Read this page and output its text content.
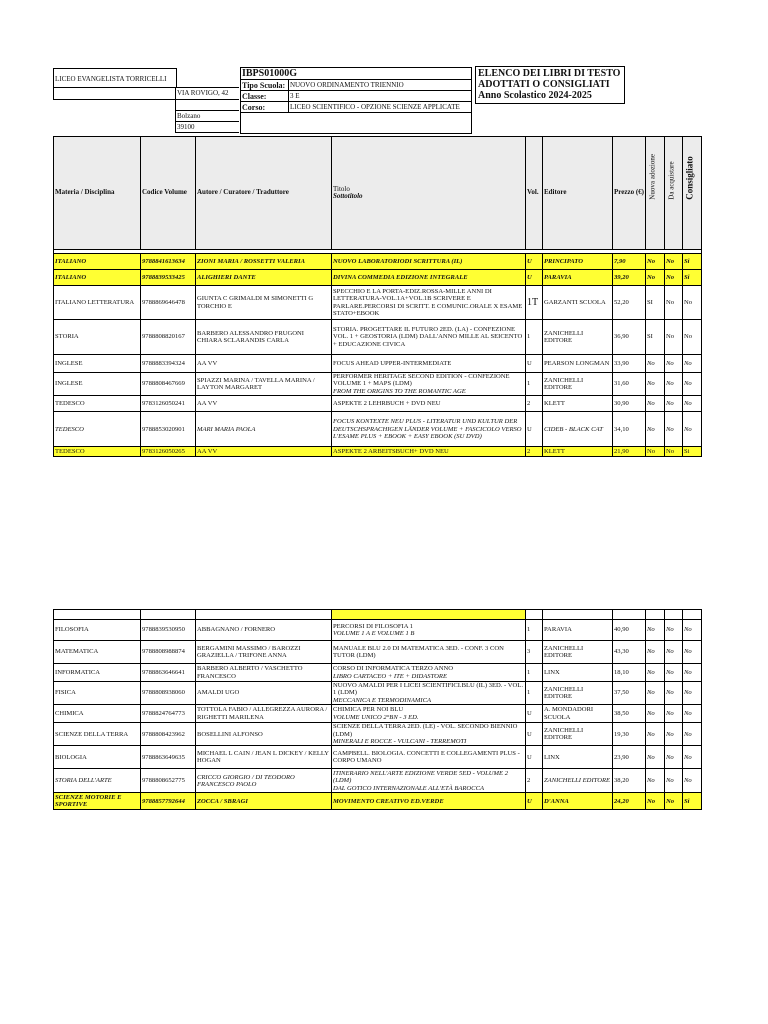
LICEO EVANGELISTA TORRICELLI
VIA ROVIGO, 42
Bolzano
39100
IBPS01000G
Tipo Scuola: NUOVO ORDINAMENTO TRIENNIO
Classe:	3 E
Corso:	LICEO SCIENTIFICO - OPZIONE SCIENZE APPLICATE
ELENCO DEI LIBRI DI TESTO
ADOTTATI O CONSIGLIATI
Anno Scolastico 2024-2025
Materia / Disciplina	Codice Volume	Autore / Curatore / Traduttore	Titolo
Sottotitolo	Vol.	Editore	Prezzo (€)	Nuova adozione	Da acquistare	Consigliato

ITALIANO	9788841613634	ZIONI MARIA / ROSSETTI VALERIA	NUOVO LABORATORIODI SCRITTURA (IL)	U	PRINCIPATO	7,90	No	No	Si
ITALIANO	9788839533425	ALIGHIERI DANTE	DIVINA COMMEDIA EDIZIONE INTEGRALE	U	PARAVIA	39,20	No	No	Si
ITALIANO LETTERATURA	9788869646478	GIUNTA C GRIMALDI M SIMONETTI G TORCHIO E	SPECCHIO E LA PORTA-EDIZ.ROSSA-MILLE ANNI DI LETTERATURA-VOL.1A+VOL.1B SCRIVERE E PARLARE.PERCORSI DI SCRITT. E COMUNIC.ORALE X ESAME STATO+EBOOK	1T	GARZANTI SCUOLA	52,20	SI	No	No
STORIA	9788808820167	BARBERO ALESSANDRO FRUGONI CHIARA SCLARANDIS CARLA	STORIA. PROGETTARE IL FUTURO 2ED. (LA) - CONFEZIONE VOL. 1 + GEOSTORIA (LDM) DALL'ANNO MILLE AL SEICENTO + EDUCAZIONE CIVICA	1	ZANICHELLI EDITORE	36,90	SI	No	No
INGLESE	9788883394324	AA VV	FOCUS AHEAD UPPER-INTERMEDIATE	U	PEARSON LONGMAN	33,90	No	No	No
INGLESE	9788808467669	SPIAZZI MARINA / TAVELLA MARINA / LAYTON MARGARET	PERFORMER HERITAGE SECOND EDITION - CONFEZIONE VOLUME 1 + MAPS (LDM)
FROM THE ORIGINS TO THE ROMANTIC AGE	1	ZANICHELLI EDITORE	31,60	No	No	No
TEDESCO	9783126050241	AA VV	ASPEKTE 2 LEHRBUCH + DVD NEU	2	KLETT	30,90	No	No	No
TEDESCO	9788853020901	MARI MARIA PAOLA	FOCUS KONTEXTE NEU PLUS - LITERATUR UND KULTUR DER DEUTSCHSPRACHIGEN LÄNDER VOLUME + FASCICOLO VERSO L'ESAME PLUS + EBOOK + EASY EBOOK (SU DVD)	U	CIDEB - BLACK CAT	34,10	No	No	No
TEDESCO	9783126050265	AA VV	ASPEKTE 2 ARBEITSBUCH+ DVD NEU	2	KLETT	21,90	No	No	Si

FILOSOFIA	9788839530950	ABBAGNANO / FORNERO	PERCORSI DI FILOSOFIA 1
VOLUME 1 A E VOLUME 1 B	1	PARAVIA	40,90	No	No	No
MATEMATICA	9788808988874	BERGAMINI MASSIMO / BAROZZI GRAZIELLA / TRIFONE ANNA	MANUALE BLU 2.0 DI MATEMATICA 3ED. - CONF. 3 CON TUTOR (LDM)	3	ZANICHELLI EDITORE	43,30	No	No	No
INFORMATICA	9788863646641	BARBERO ALBERTO / VASCHETTO FRANCESCO	CORSO DI INFORMATICA TERZO ANNO
LIBRO CARTACEO + ITE + DIDASTORE	1	LINX	18,10	No	No	No
FISICA	9788808938060	AMALDI UGO	NUOVO AMALDI PER I LICEI SCIENTIFICI.BLU (IL) 3ED. - VOL. 1 (LDM)
MECCANICA E TERMODINAMICA	1	ZANICHELLI EDITORE	37,50	No	No	No
CHIMICA	9788824764773	TOTTOLA FABIO / ALLEGREZZA AURORA / RIGHETTI MARILENA	CHIMICA PER NOI BLU
VOLUME UNICO 2°BN - 3 ED.	U	A. MONDADORI SCUOLA	38,50	No	No	No
SCIENZE DELLA TERRA	9788808423962	BOSELLINI ALFONSO	SCIENZE DELLA TERRA 2ED. (LE) - VOL. SECONDO BIENNIO (LDM)
MINERALI E ROCCE - VULCANI - TERREMOTI	U	ZANICHELLI EDITORE	19,30	No	No	No
BIOLOGIA	9788863649635	MICHAEL L CAIN / JEAN L DICKEY / KELLY HOGAN	CAMPBELL. BIOLOGIA. CONCETTI E COLLEGAMENTI PLUS - CORPO UMANO	U	LINX	23,90	No	No	No
STORIA DELL'ARTE	9788808652775	CRICCO GIORGIO / DI TEODORO FRANCESCO PAOLO	ITINERARIO NELL'ARTE EDIZIONE VERDE 5ED - VOLUME 2 (LDM)
DAL GOTICO INTERNAZIONALE ALL'ETÀ BAROCCA	2	ZANICHELLI EDITORE	38,20	No	No	No
SCIENZE MOTORIE E SPORTIVE	9788857792644	ZOCCA / SBRAGI	MOVIMENTO CREATIVO ED.VERDE	U	D'ANNA	24,20	No	No	Si
